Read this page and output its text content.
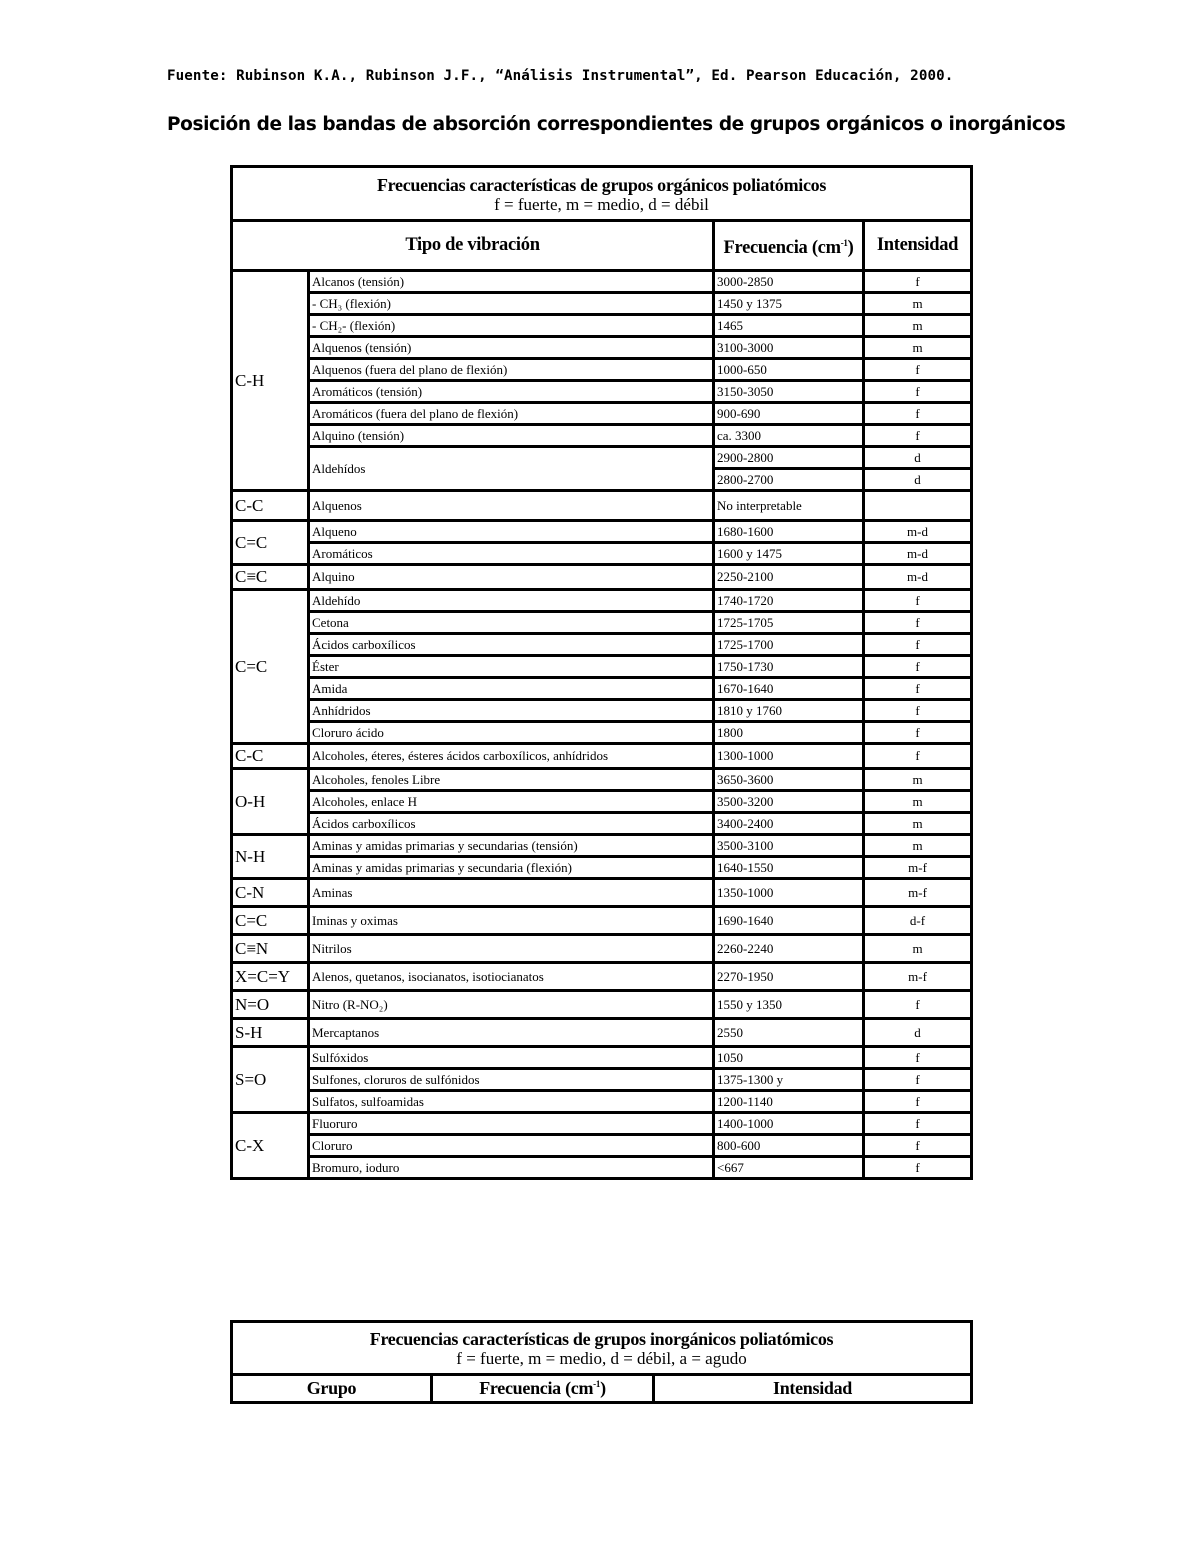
Fuente: Rubinson K.A., Rubinson J.F., “Análisis Instrumental”, Ed. Pearson Educación, 2000.
Posición de las bandas de absorción correspondientes de grupos orgánicos o inorgánicos
Frecuencias características de grupos orgánicos poliatómicos
f = fuerte, m = medio, d = débil			

Tipo de vibración		Frecuencia $(cm^{-1})$	Intensidad
C-H	Alcanos (tensión)	3000-2850	f
	- CH₃ (flexión)	1450 y 1375	m
	- CH₂- (flexión)	1465	m
	Alquenos (tensión)	3100-3000	m
	Alquenos (fuera del plano de flexión)	1000-650	f
	Aromáticos (tensión)	3150-3050	f
	Aromáticos (fuera del plano de flexión)	900-690	f
	Alquino (tensión)	ca. 3300	f
	Aldehídos	2900-2800	d
		2800-2700	d
C-C	Alquenos	No interpretable	
C=C	Alqueno	1680-1600	m-d
	Aromáticos	1600 y 1475	m-d
C≡C	Alquino	2250-2100	m-d
C=C	Aldehído	1740-1720	f
	Cetona	1725-1705	f
	Ácidos carboxílicos	1725-1700	f
	Éster	1750-1730	f
	Amida	1670-1640	f
	Anhídridos	1810 y 1760	f
	Cloruro ácido	1800	f
C-C	Alcoholes, éteres, ésteres ácidos carboxílicos, anhídridos	1300-1000	f
O-H	Alcoholes, fenoles Libre	3650-3600	m
	Alcoholes, enlace H	3500-3200	m
	Ácidos carboxílicos	3400-2400	m
N-H	Aminas y amidas primarias y secundarias (tensión)	3500-3100	m
	Aminas y amidas primarias y secundaria (flexión)	1640-1550	m-f
C-N	Aminas	1350-1000	m-f
C=C	Iminas y oximas	1690-1640	d-f
C≡N	Nitrilos	2260-2240	m
X=C=Y	Alenos, quetanos, isocianatos, isotiocianatos	2270-1950	m-f
N=O	Nitro (R-NO₂)	1550 y 1350	f
S-H	Mercaptanos	2550	d
S=O	Sulfóxidos	1050	f
	Sulfones, cloruros de sulfónidos	1375-1300 y	f
	Sulfatos, sulfoamidas	1200-1140	f
C-X	Fluoruro	1400-1000	f
	Cloruro	800-600	f
	Bromuro, ioduro	<667	f
Frecuencias características de grupos inorgánicos poliatómicos
f = fuerte, m = medio, d = débil, a = agudo

Grupo	Frecuencia $(cm^{-1})$	Intensidad
